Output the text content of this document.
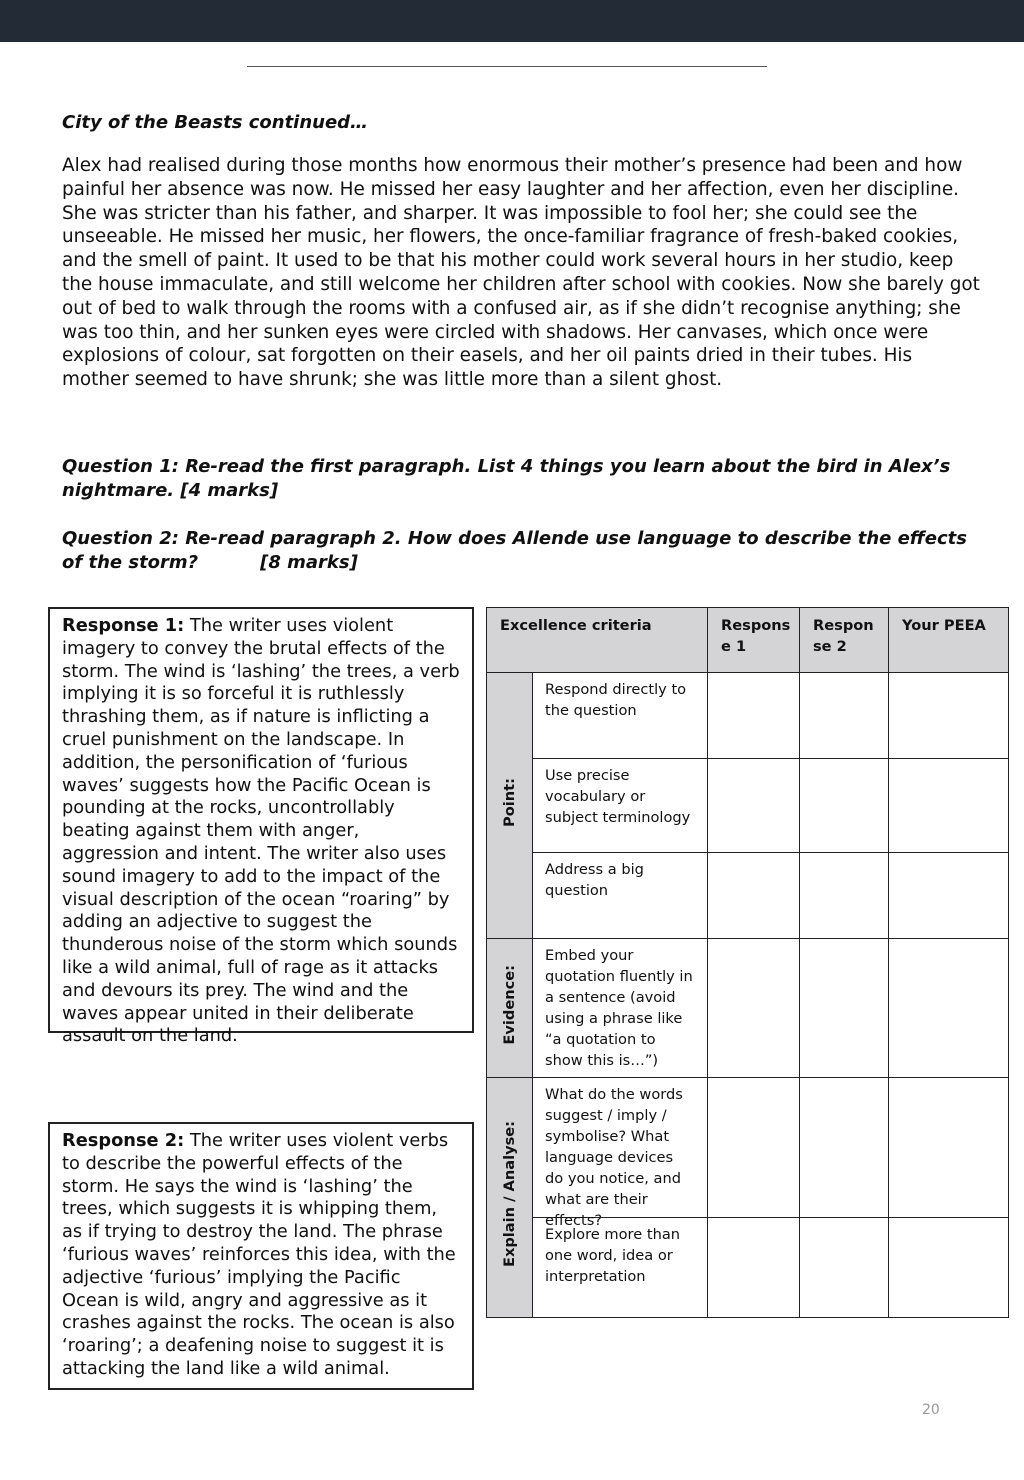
City of the Beasts continued…

Alex had realised during those months how enormous their mother’s presence had been and how painful her absence was now. He missed her easy laughter and her affection, even her discipline. She was stricter than his father, and sharper. It was impossible to fool her; she could see the unseeable. He missed her music, her flowers, the once-familiar fragrance of fresh-baked cookies, and the smell of paint. It used to be that his mother could work several hours in her studio, keep the house immaculate, and still welcome her children after school with cookies. Now she barely got out of bed to walk through the rooms with a confused air, as if she didn’t recognise anything; she was too thin, and her sunken eyes were circled with shadows. Her canvases, which once were explosions of colour, sat forgotten on their easels, and her oil paints dried in their tubes. His mother seemed to have shrunk; she was little more than a silent ghost.

Question 1: Re-read the first paragraph. List 4 things you learn about the bird in Alex’s nightmare. [4 marks]

Question 2: Re-read paragraph 2. How does Allende use language to describe the effects of the storm?	[8 marks]

Response 1: The writer uses violent imagery to convey the brutal effects of the storm. The wind is ‘lashing’ the trees, a verb implying it is so forceful it is ruthlessly thrashing them, as if nature is inflicting a cruel punishment on the landscape. In addition, the personification of ‘furious waves’ suggests how the Pacific Ocean is pounding at the rocks, uncontrollably beating against them with anger, aggression and intent. The writer also uses sound imagery to add to the impact of the visual description of the ocean “roaring” by adding an adjective to suggest the thunderous noise of the storm which sounds like a wild animal, full of rage as it attacks and devours its prey. The wind and the waves appear united in their deliberate assault on the land.
Response 2: The writer uses violent verbs to describe the powerful effects of the storm. He says the wind is ‘lashing’ the trees, which suggests it is whipping them, as if trying to destroy the land. The phrase ‘furious waves’ reinforces this idea, with the adjective ‘furious’ implying the Pacific Ocean is wild, angry and aggressive as it crashes against the rocks. The ocean is also ‘roaring’; a deafening noise to suggest it is attacking the land like a wild animal.
Excellence criteria		Respons e 1	Respon se 2	Your PEEA
Point:	Respond directly to the question			
	Use precise vocabulary or subject terminology			
	Address a big question			
Evidence:	Embed your quotation fluently in a sentence (avoid using a phrase like “a quotation to show this is…”)			
Explain / Analyse:	What do the words suggest / imply / symbolise? What language devices do you notice, and what are their effects?			

	Explore more than one word, idea or interpretation			
20
